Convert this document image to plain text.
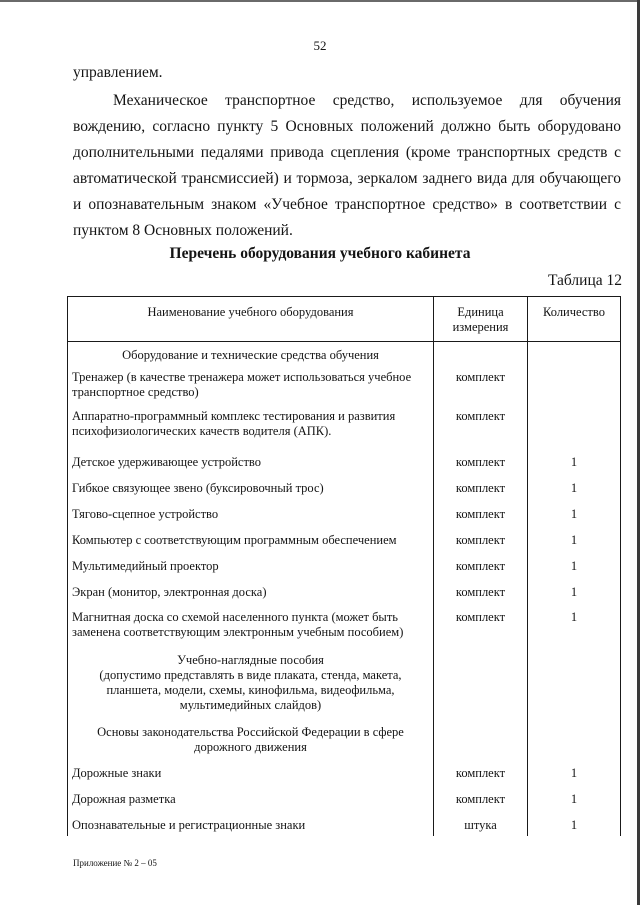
52
управлением.
Механическое транспортное средство, используемое для обучения вождению, согласно пункту 5 Основных положений должно быть оборудовано дополнительными педалями привода сцепления (кроме транспортных средств с автоматической трансмиссией) и тормоза, зеркалом заднего вида для обучающего и опознавательным знаком «Учебное транспортное средство» в соответствии с пунктом 8 Основных положений.
Перечень оборудования учебного кабинета
Таблица 12
Наименование учебного оборудования	Единица измерения	Количество
Оборудование и технические средства обучения		
Тренажер (в качестве тренажера может использоваться учебное транспортное средство)	комплект	
Аппаратно-программный комплекс тестирования и развития психофизиологических качеств водителя (АПК).	комплект	
Детское удерживающее устройство	комплект	1
Гибкое связующее звено (буксировочный трос)	комплект	1
Тягово-сцепное устройство	комплект	1
Компьютер с соответствующим программным обеспечением	комплект	1
Мультимедийный проектор	комплект	1
Экран (монитор, электронная доска)	комплект	1
Магнитная доска со схемой населенного пункта (может быть заменена соответствующим электронным учебным пособием)	комплект	1

Учебно-наглядные пособия
(допустимо представлять в виде плаката, стенда, макета, планшета, модели, схемы, кинофильма, видеофильма, мультимедийных слайдов)		

Основы законодательства Российской Федерации в сфере дорожного движения		
Дорожные знаки	комплект	1
Дорожная разметка	комплект	1
Опознавательные и регистрационные знаки	штука	1
Приложение № 2 – 05
